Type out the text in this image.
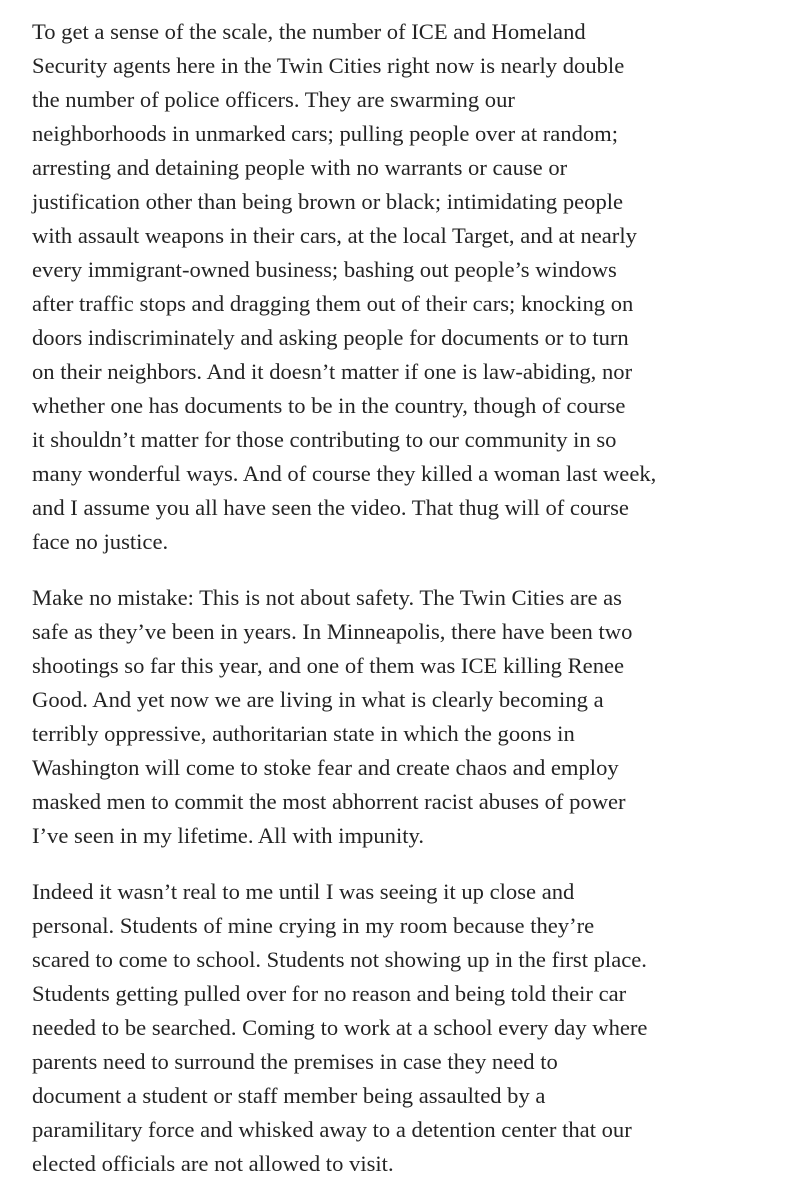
To get a sense of the scale, the number of ICE and Homeland
Security agents here in the Twin Cities right now is nearly double
the number of police officers. They are swarming our
neighborhoods in unmarked cars; pulling people over at random;
arresting and detaining people with no warrants or cause or
justification other than being brown or black; intimidating people
with assault weapons in their cars, at the local Target, and at nearly
every immigrant-owned business; bashing out people’s windows
after traffic stops and dragging them out of their cars; knocking on
doors indiscriminately and asking people for documents or to turn
on their neighbors. And it doesn’t matter if one is law-abiding, nor
whether one has documents to be in the country, though of course
it shouldn’t matter for those contributing to our community in so
many wonderful ways. And of course they killed a woman last week,
and I assume you all have seen the video. That thug will of course
face no justice.

Make no mistake: This is not about safety. The Twin Cities are as
safe as they’ve been in years. In Minneapolis, there have been two
shootings so far this year, and one of them was ICE killing Renee
Good. And yet now we are living in what is clearly becoming a
terribly oppressive, authoritarian state in which the goons in
Washington will come to stoke fear and create chaos and employ
masked men to commit the most abhorrent racist abuses of power
I’ve seen in my lifetime. All with impunity.

Indeed it wasn’t real to me until I was seeing it up close and
personal. Students of mine crying in my room because they’re
scared to come to school. Students not showing up in the first place.
Students getting pulled over for no reason and being told their car
needed to be searched. Coming to work at a school every day where
parents need to surround the premises in case they need to
document a student or staff member being assaulted by a
paramilitary force and whisked away to a detention center that our
elected officials are not allowed to visit.
